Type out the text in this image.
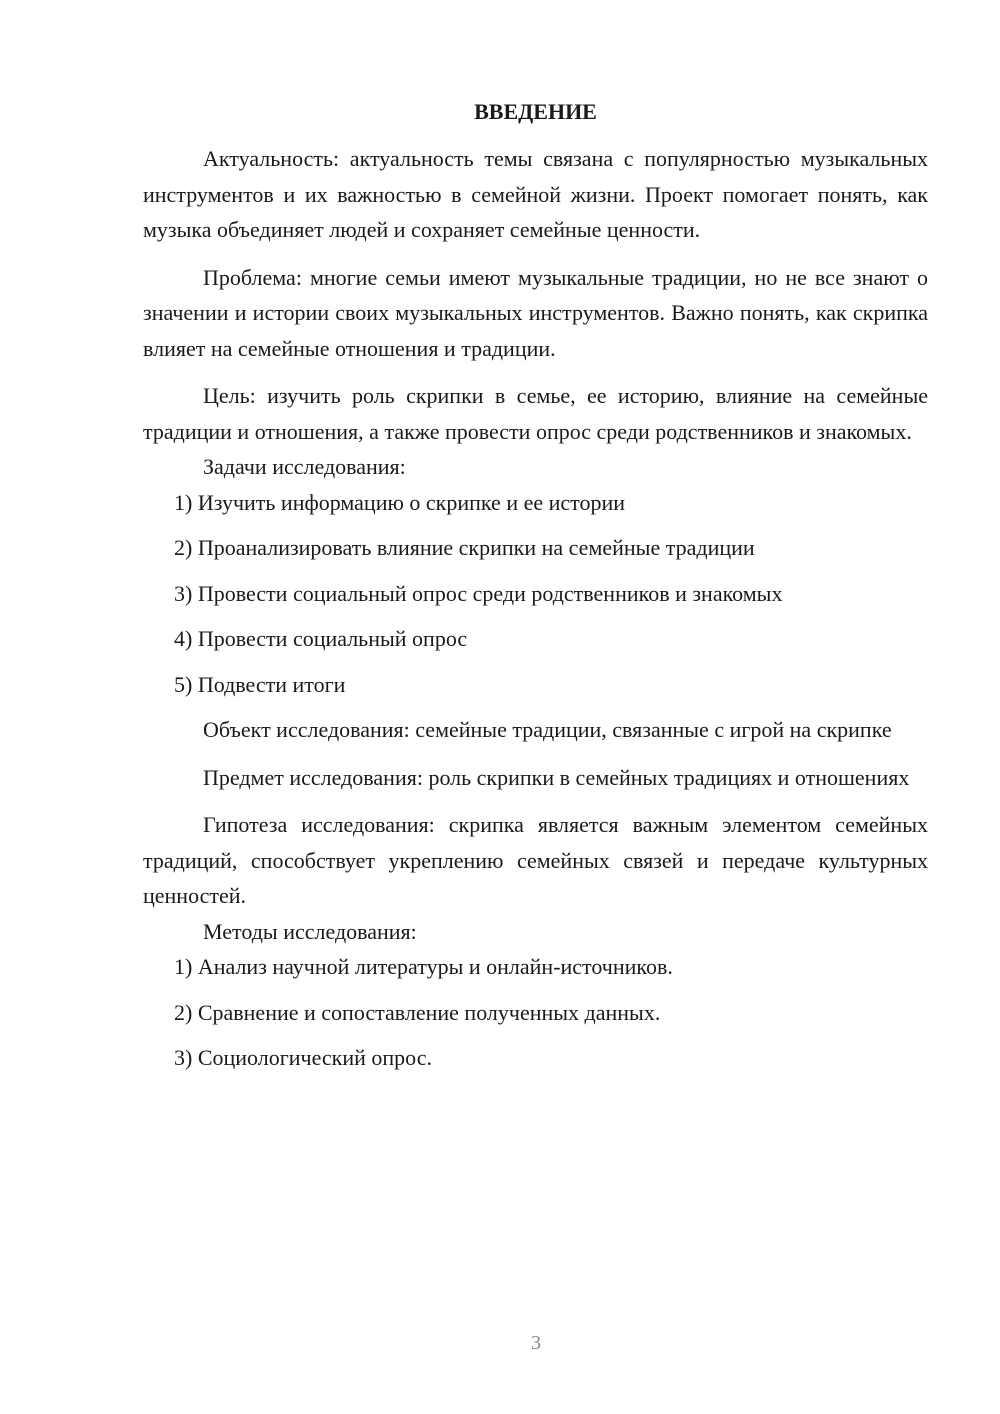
ВВЕДЕНИЕ

Актуальность: актуальность темы связана с популярностью музыкальных инструментов и их важностью в семейной жизни. Проект помогает понять, как музыка объединяет людей и сохраняет семейные ценности.

Проблема: многие семьи имеют музыкальные традиции, но не все знают о значении и истории своих музыкальных инструментов. Важно понять, как скрипка влияет на семейные отношения и традиции.

Цель: изучить роль скрипки в семье, ее историю, влияние на семейные традиции и отношения, а также провести опрос среди родственников и знакомых.

Задачи исследования:

1) Изучить информацию о скрипке и ее истории
2) Проанализировать влияние скрипки на семейные традиции
3) Провести социальный опрос среди родственников и знакомых
4) Провести социальный опрос
5) Подвести итоги

Объект исследования: семейные традиции, связанные с игрой на скрипке

Предмет исследования: роль скрипки в семейных традициях и отношениях

Гипотеза исследования: скрипка является важным элементом семейных традиций, способствует укреплению семейных связей и передаче культурных ценностей.

Методы исследования:

1) Анализ научной литературы и онлайн-источников.
2) Сравнение и сопоставление полученных данных.
3) Социологический опрос.
3
